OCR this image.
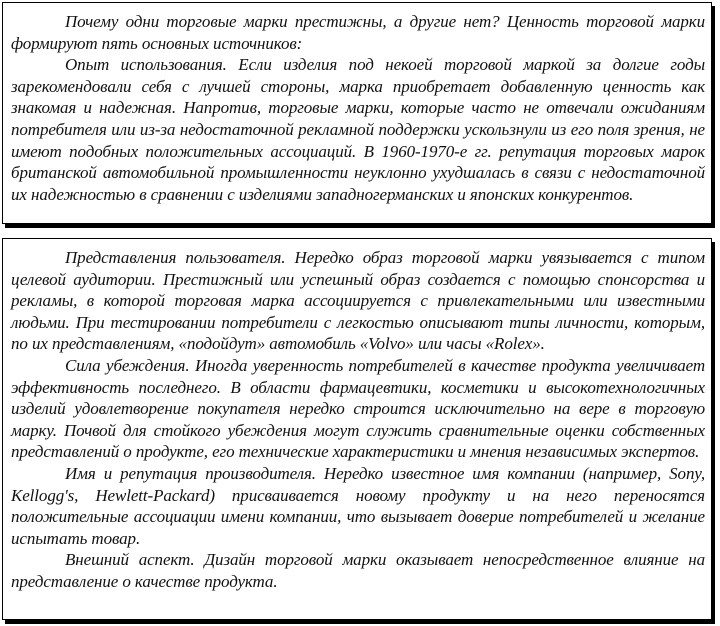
Почему одни торговые марки престижны, а другие нет? Ценность торговой марки формируют пять основных источников:

Опыт использования. Если изделия под некоей торговой маркой за долгие годы зарекомендовали себя с лучшей стороны, марка приобретает добавленную ценность как знакомая и надежная. Напротив, торговые марки, которые часто не отвечали ожиданиям потребителя или из-за недостаточной рекламной поддержки ускользнули из его поля зрения, не имеют подобных положительных ассоциаций. В 1960-1970-е гг. репутация торговых марок британской автомобильной промышленности неуклонно ухудшалась в связи с недостаточной их надежностью в сравнении с изделиями западногерманских и японских конкурентов.

Представления пользователя. Нередко образ торговой марки увязывается с типом целевой аудитории. Престижный или успешный образ создается с помощью спонсорства и рекламы, в которой торговая марка ассоциируется с привлекательными или известными людьми. При тестировании потребители с легкостью описывают типы личности, которым, по их представлениям, «подойдут» автомобиль «Volvo» или часы «Rolex».

Сила убеждения. Иногда уверенность потребителей в качестве продукта увеличивает эффективность последнего. В области фармацевтики, косметики и высокотехнологичных изделий удовлетворение покупателя нередко строится исключительно на вере в торговую марку. Почвой для стойкого убеждения могут служить сравнительные оценки собственных представлений о продукте, его технические характеристики и мнения независимых экспертов.

Имя и репутация производителя. Нередко известное имя компании (например, Sony, Kellogg's, Hewlett-Packard) присваивается новому продукту и на него переносятся положительные ассоциации имени компании, что вызывает доверие потребителей и желание испытать товар.

Внешний аспект. Дизайн торговой марки оказывает непосредственное влияние на представление о качестве продукта.
